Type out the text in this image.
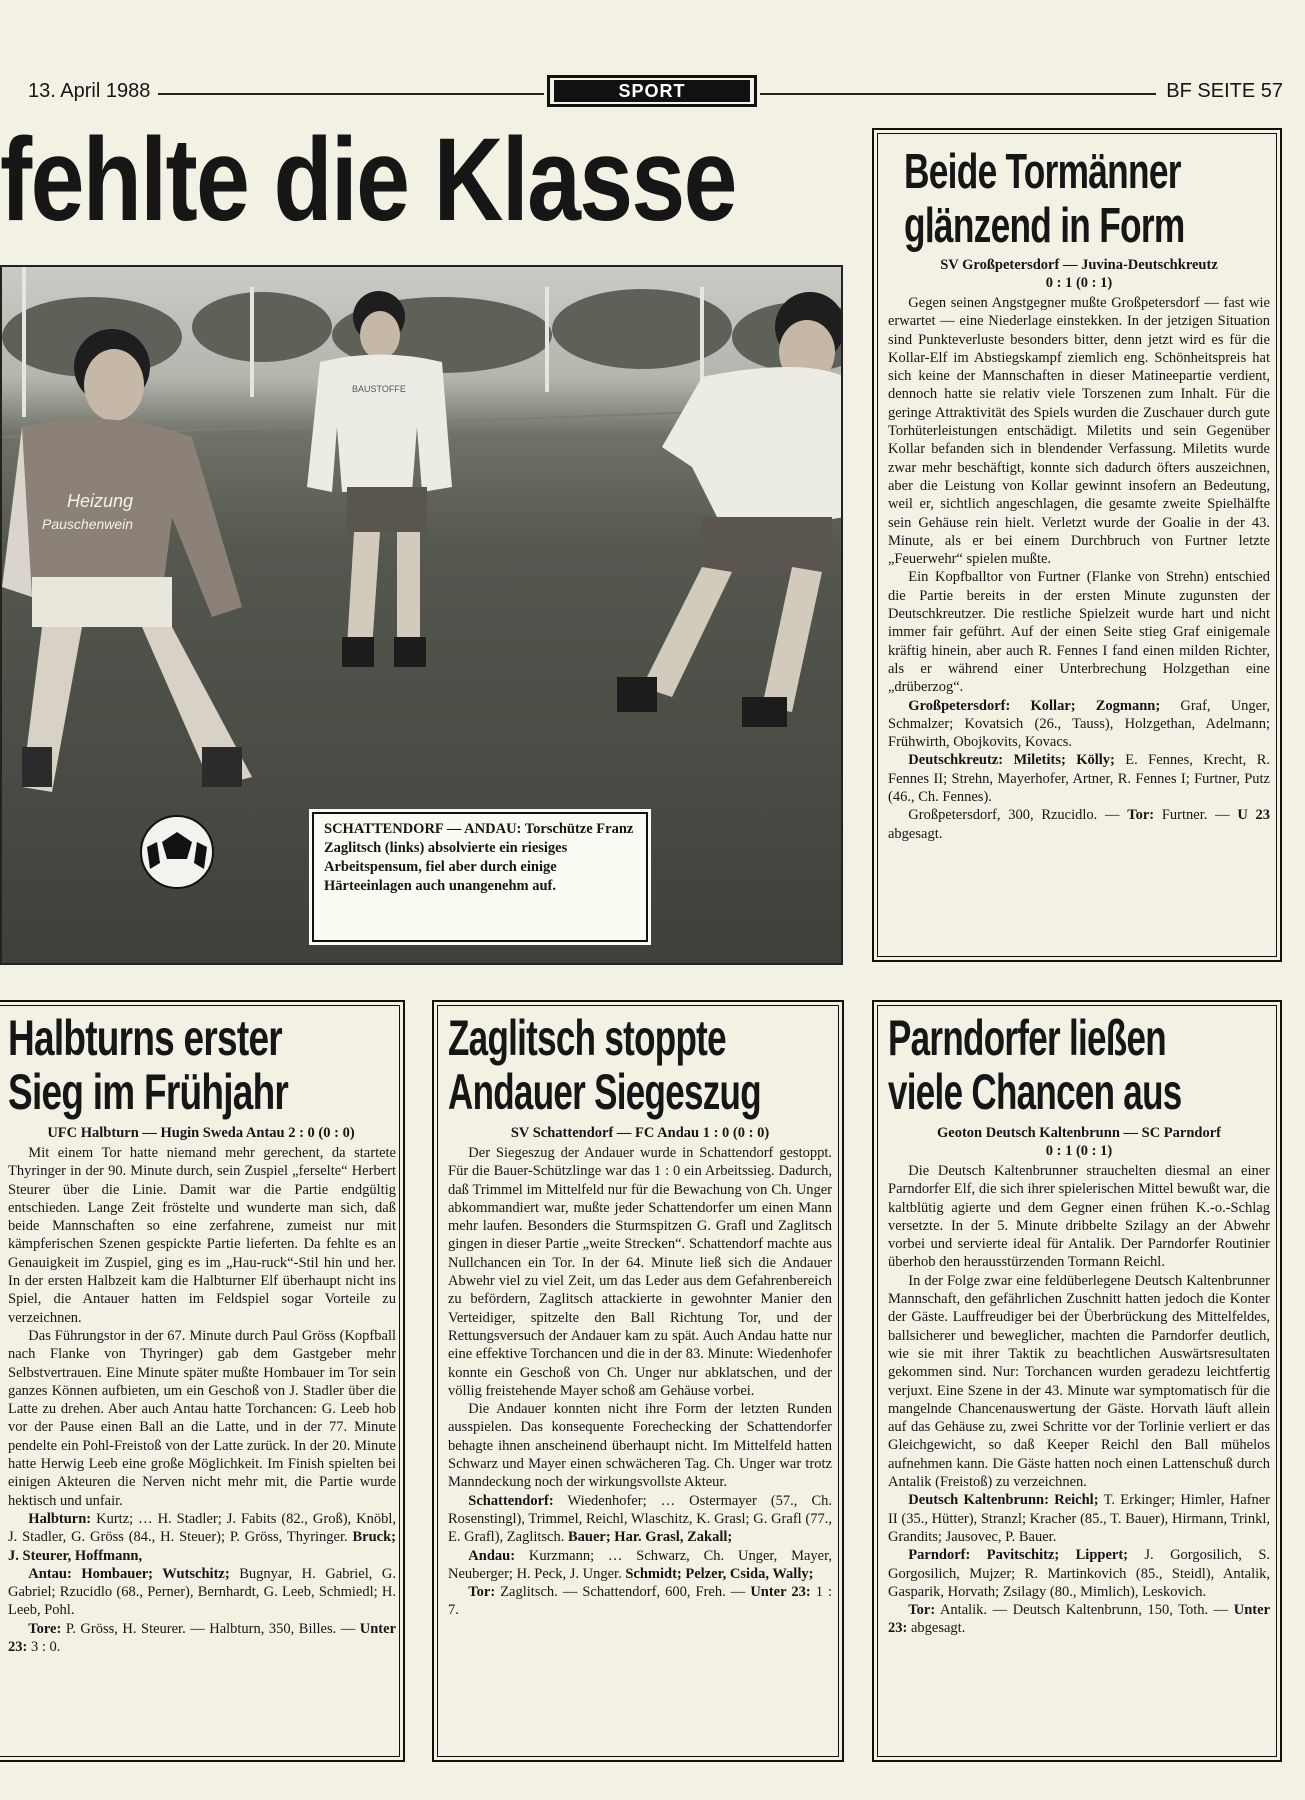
13. April 1988	SPORT	BF SEITE 57
fehlte die Klasse
Heizung
Pauschenwein
BAUSTOFFE
SCHATTENDORF — ANDAU: Torschütze Franz Zaglitsch (links) absolvierte ein riesiges Arbeitspensum, fiel aber durch einige Härteeinlagen auch unangenehm auf.
Beide Tormänner
glänzend in Form
SV Großpetersdorf — Juvina-Deutschkreutz
0 : 1 (0 : 1)

Gegen seinen Angstgegner mußte Großpetersdorf — fast wie erwartet — eine Niederlage einstekken. In der jetzigen Situation sind Punkteverluste besonders bitter, denn jetzt wird es für die Kollar-Elf im Abstiegskampf ziemlich eng. Schönheitspreis hat sich keine der Mannschaften in dieser Matineepartie verdient, dennoch hatte sie relativ viele Torszenen zum Inhalt. Für die geringe Attraktivität des Spiels wurden die Zuschauer durch gute Torhüterleistungen entschädigt. Miletits und sein Gegenüber Kollar befanden sich in blendender Verfassung. Miletits wurde zwar mehr beschäftigt, konnte sich dadurch öfters auszeichnen, aber die Leistung von Kollar gewinnt insofern an Bedeutung, weil er, sichtlich angeschlagen, die gesamte zweite Spielhälfte sein Gehäuse rein hielt. Verletzt wurde der Goalie in der 43. Minute, als er bei einem Durchbruch von Furtner letzte „Feuerwehr“ spielen mußte.

Ein Kopfballtor von Furtner (Flanke von Strehn) entschied die Partie bereits in der ersten Minute zugunsten der Deutschkreutzer. Die restliche Spielzeit wurde hart und nicht immer fair geführt. Auf der einen Seite stieg Graf einigemale kräftig hinein, aber auch R. Fennes I fand einen milden Richter, als er während einer Unterbrechung Holzgethan eine „drüberzog“.

Großpetersdorf: Kollar; Zogmann; Graf, Unger, Schmalzer; Kovatsich (26., Tauss), Holzgethan, Adelmann; Frühwirth, Obojkovits, Kovacs.

Deutschkreutz: Miletits; Kölly; E. Fennes, Krecht, R. Fennes II; Strehn, Mayerhofer, Artner, R. Fennes I; Furtner, Putz (46., Ch. Fennes).

Großpetersdorf, 300, Rzucidlo. — Tor: Furtner. — U 23 abgesagt.

Halbturns erster
Sieg im Frühjahr
UFC Halbturn — Hugin Sweda Antau 2 : 0 (0 : 0)

Mit einem Tor hatte niemand mehr gerechent, da startete Thyringer in der 90. Minute durch, sein Zuspiel „ferselte“ Herbert Steurer über die Linie. Damit war die Partie endgültig entschieden. Lange Zeit fröstelte und wunderte man sich, daß beide Mannschaften so eine zerfahrene, zumeist nur mit kämpferischen Szenen gespickte Partie lieferten. Da fehlte es an Genauigkeit im Zuspiel, ging es im „Hau-ruck“-Stil hin und her. In der ersten Halbzeit kam die Halbturner Elf überhaupt nicht ins Spiel, die Antauer hatten im Feldspiel sogar Vorteile zu verzeichnen.

Das Führungstor in der 67. Minute durch Paul Gröss (Kopfball nach Flanke von Thyringer) gab dem Gastgeber mehr Selbstvertrauen. Eine Minute später mußte Hombauer im Tor sein ganzes Können aufbieten, um ein Geschoß von J. Stadler über die Latte zu drehen. Aber auch Antau hatte Torchancen: G. Leeb hob vor der Pause einen Ball an die Latte, und in der 77. Minute pendelte ein Pohl-Freistoß von der Latte zurück. In der 20. Minute hatte Herwig Leeb eine große Möglichkeit. Im Finish spielten bei einigen Akteuren die Nerven nicht mehr mit, die Partie wurde hektisch und unfair.

Halbturn: Kurtz; … H. Stadler; J. Fabits (82., Groß), Knöbl, J. Stadler, G. Gröss (84., H. Steuer); P. Gröss, Thyringer. Bruck; J. Steurer, Hoffmann,

Antau: Hombauer; Wutschitz; Bugnyar, H. Gabriel, G. Gabriel; Rzucidlo (68., Perner), Bernhardt, G. Leeb, Schmiedl; H. Leeb, Pohl.

Tore: P. Gröss, H. Steurer. — Halbturn, 350, Billes. — Unter 23: 3 : 0.

Zaglitsch stoppte
Andauer Siegeszug
SV Schattendorf — FC Andau 1 : 0 (0 : 0)

Der Siegeszug der Andauer wurde in Schattendorf gestoppt. Für die Bauer-Schützlinge war das 1 : 0 ein Arbeitssieg. Dadurch, daß Trimmel im Mittelfeld nur für die Bewachung von Ch. Unger abkommandiert war, mußte jeder Schattendorfer um einen Mann mehr laufen. Besonders die Sturmspitzen G. Grafl und Zaglitsch gingen in dieser Partie „weite Strecken“. Schattendorf machte aus Nullchancen ein Tor. In der 64. Minute ließ sich die Andauer Abwehr viel zu viel Zeit, um das Leder aus dem Gefahrenbereich zu befördern, Zaglitsch attackierte in gewohnter Manier den Verteidiger, spitzelte den Ball Richtung Tor, und der Rettungsversuch der Andauer kam zu spät. Auch Andau hatte nur eine effektive Torchancen und die in der 83. Minute: Wiedenhofer konnte ein Geschoß von Ch. Unger nur abklatschen, und der völlig freistehende Mayer schoß am Gehäuse vorbei.

Die Andauer konnten nicht ihre Form der letzten Runden ausspielen. Das konsequente Forechecking der Schattendorfer behagte ihnen anscheinend überhaupt nicht. Im Mittelfeld hatten Schwarz und Mayer einen schwächeren Tag. Ch. Unger war trotz Manndeckung noch der wirkungsvollste Akteur.

Schattendorf: Wiedenhofer; … Ostermayer (57., Ch. Rosenstingl), Trimmel, Reichl, Wlaschitz, K. Grasl; G. Grafl (77., E. Grafl), Zaglitsch. Bauer; Har. Grasl, Zakall;

Andau: Kurzmann; … Schwarz, Ch. Unger, Mayer, Neuberger; H. Peck, J. Unger. Schmidt; Pelzer, Csida, Wally;

Tor: Zaglitsch. — Schattendorf, 600, Freh. — Unter 23: 1 : 7.

Parndorfer ließen
viele Chancen aus
Geoton Deutsch Kaltenbrunn — SC Parndorf
0 : 1 (0 : 1)

Die Deutsch Kaltenbrunner strauchelten diesmal an einer Parndorfer Elf, die sich ihrer spielerischen Mittel bewußt war, die kaltblütig agierte und dem Gegner einen frühen K.-o.-Schlag versetzte. In der 5. Minute dribbelte Szilagy an der Abwehr vorbei und servierte ideal für Antalik. Der Parndorfer Routinier überhob den herausstürzenden Tormann Reichl.

In der Folge zwar eine feldüberlegene Deutsch Kaltenbrunner Mannschaft, den gefährlichen Zuschnitt hatten jedoch die Konter der Gäste. Lauffreudiger bei der Überbrückung des Mittelfeldes, ballsicherer und beweglicher, machten die Parndorfer deutlich, wie sie mit ihrer Taktik zu beachtlichen Auswärtsresultaten gekommen sind. Nur: Torchancen wurden geradezu leichtfertig verjuxt. Eine Szene in der 43. Minute war symptomatisch für die mangelnde Chancenauswertung der Gäste. Horvath läuft allein auf das Gehäuse zu, zwei Schritte vor der Torlinie verliert er das Gleichgewicht, so daß Keeper Reichl den Ball mühelos aufnehmen kann. Die Gäste hatten noch einen Lattenschuß durch Antalik (Freistoß) zu verzeichnen.

Deutsch Kaltenbrunn: Reichl; T. Erkinger; Himler, Hafner II (35., Hütter), Stranzl; Kracher (85., T. Bauer), Hirmann, Trinkl, Grandits; Jausovec, P. Bauer.

Parndorf: Pavitschitz; Lippert; J. Gorgosilich, S. Gorgosilich, Mujzer; R. Martinkovich (85., Steidl), Antalik, Gasparik, Horvath; Zsilagy (80., Mimlich), Leskovich.

Tor: Antalik. — Deutsch Kaltenbrunn, 150, Toth. — Unter 23: abgesagt.
